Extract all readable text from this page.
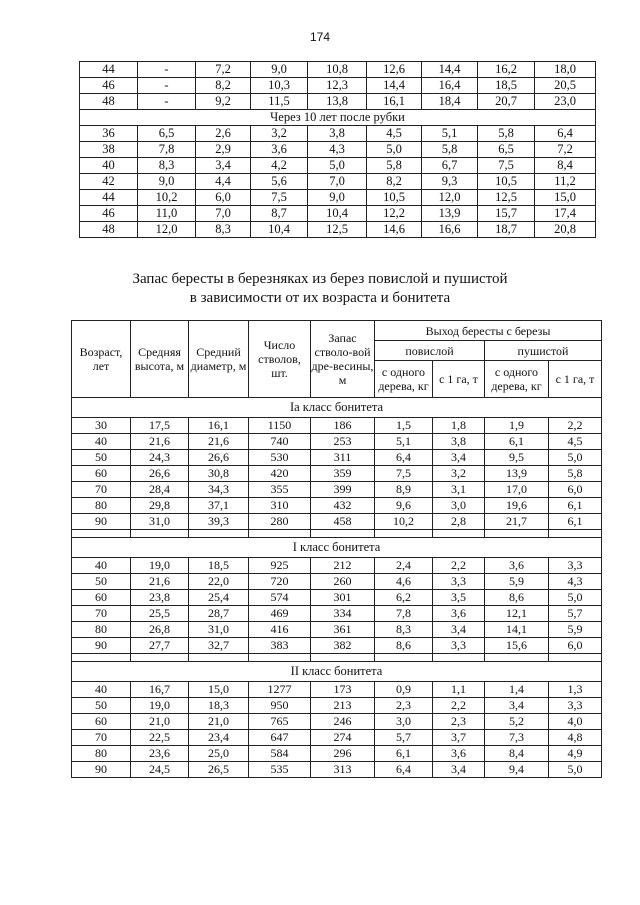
174
44	-	7,2	9,0	10,8	12,6	14,4	16,2	18,0
46	-	8,2	10,3	12,3	14,4	16,4	18,5	20,5
48	-	9,2	11,5	13,8	16,1	18,4	20,7	23,0
Через 10 лет после рубки								
36	6,5	2,6	3,2	3,8	4,5	5,1	5,8	6,4
38	7,8	2,9	3,6	4,3	5,0	5,8	6,5	7,2
40	8,3	3,4	4,2	5,0	5,8	6,7	7,5	8,4
42	9,0	4,4	5,6	7,0	8,2	9,3	10,5	11,2
44	10,2	6,0	7,5	9,0	10,5	12,0	12,5	15,0
46	11,0	7,0	8,7	10,4	12,2	13,9	15,7	17,4
48	12,0	8,3	10,4	12,5	14,6	16,6	18,7	20,8
Запас бересты в березняках из берез повислой и пушистой
в зависимости от их возраста и бонитета
Возраст, лет	Средняя высота, м	Средний диаметр, м	Число стволов, шт.	Запас стволо-вой дре-весины, м	Выход бересты с березы			
					повислой		пушистой	
					с одного дерева, кг	с 1 га, т	с одного дерева, кг	с 1 га, т
Iа класс бонитета								
30	17,5	16,1	1150	186	1,5	1,8	1,9	2,2
40	21,6	21,6	740	253	5,1	3,8	6,1	4,5
50	24,3	26,6	530	311	6,4	3,4	9,5	5,0
60	26,6	30,8	420	359	7,5	3,2	13,9	5,8
70	28,4	34,3	355	399	8,9	3,1	17,0	6,0
80	29,8	37,1	310	432	9,6	3,0	19,6	6,1
90	31,0	39,3	280	458	10,2	2,8	21,7	6,1

I класс бонитета								
40	19,0	18,5	925	212	2,4	2,2	3,6	3,3
50	21,6	22,0	720	260	4,6	3,3	5,9	4,3
60	23,8	25,4	574	301	6,2	3,5	8,6	5,0
70	25,5	28,7	469	334	7,8	3,6	12,1	5,7
80	26,8	31,0	416	361	8,3	3,4	14,1	5,9
90	27,7	32,7	383	382	8,6	3,3	15,6	6,0

II класс бонитета								
40	16,7	15,0	1277	173	0,9	1,1	1,4	1,3
50	19,0	18,3	950	213	2,3	2,2	3,4	3,3
60	21,0	21,0	765	246	3,0	2,3	5,2	4,0
70	22,5	23,4	647	274	5,7	3,7	7,3	4,8
80	23,6	25,0	584	296	6,1	3,6	8,4	4,9
90	24,5	26,5	535	313	6,4	3,4	9,4	5,0
